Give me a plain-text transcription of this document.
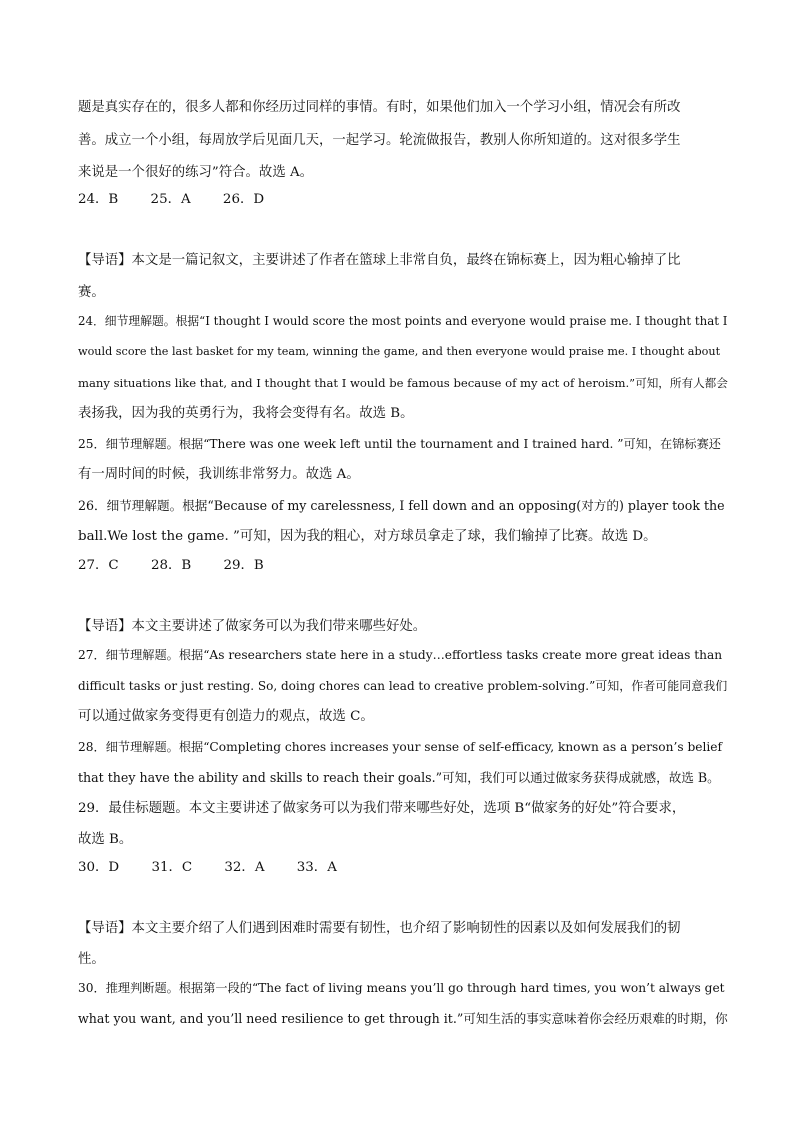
题是真实存在的，很多人都和你经历过同样的事情。有时，如果他们加入一个学习小组，情况会有所改
善。成立一个小组，每周放学后见面几天，一起学习。轮流做报告，教别人你所知道的。这对很多学生
来说是一个很好的练习”符合。故选 A。
24．B 25．A 26．D
【导语】本文是一篇记叙文，主要讲述了作者在篮球上非常自负，最终在锦标赛上，因为粗心输掉了比
赛。
24．细节理解题。根据“I thought I would score the most points and everyone would praise me. I thought that I
would score the last basket for my team, winning the game, and then everyone would praise me. I thought about
many situations like that, and I thought that I would be famous because of my act of heroism.”可知，所有人都会
表扬我，因为我的英勇行为，我将会变得有名。故选 B。
25．细节理解题。根据“There was one week left until the tournament and I trained hard. ”可知，在锦标赛还
有一周时间的时候，我训练非常努力。故选 A。
26．细节理解题。根据“Because of my carelessness, I fell down and an opposing(对方的) player took the
ball.We lost the game. ”可知，因为我的粗心，对方球员拿走了球，我们输掉了比赛。故选 D。
27．C 28．B 29．B
【导语】本文主要讲述了做家务可以为我们带来哪些好处。
27．细节理解题。根据“As researchers state here in a study…effortless tasks create more great ideas than
difficult tasks or just resting. So, doing chores can lead to creative problem-solving.”可知，作者可能同意我们
可以通过做家务变得更有创造力的观点，故选 C。
28．细节理解题。根据“Completing chores increases your sense of self-efficacy, known as a person’s belief
that they have the ability and skills to reach their goals.”可知，我们可以通过做家务获得成就感，故选 B。
29．最佳标题题。本文主要讲述了做家务可以为我们带来哪些好处，选项 B“做家务的好处”符合要求，
故选 B。
30．D 31．C 32．A 33．A
【导语】本文主要介绍了人们遇到困难时需要有韧性，也介绍了影响韧性的因素以及如何发展我们的韧
性。
30．推理判断题。根据第一段的“The fact of living means you’ll go through hard times, you won’t always get
what you want, and you’ll need resilience to get through it.”可知生活的事实意味着你会经历艰难的时期，你
